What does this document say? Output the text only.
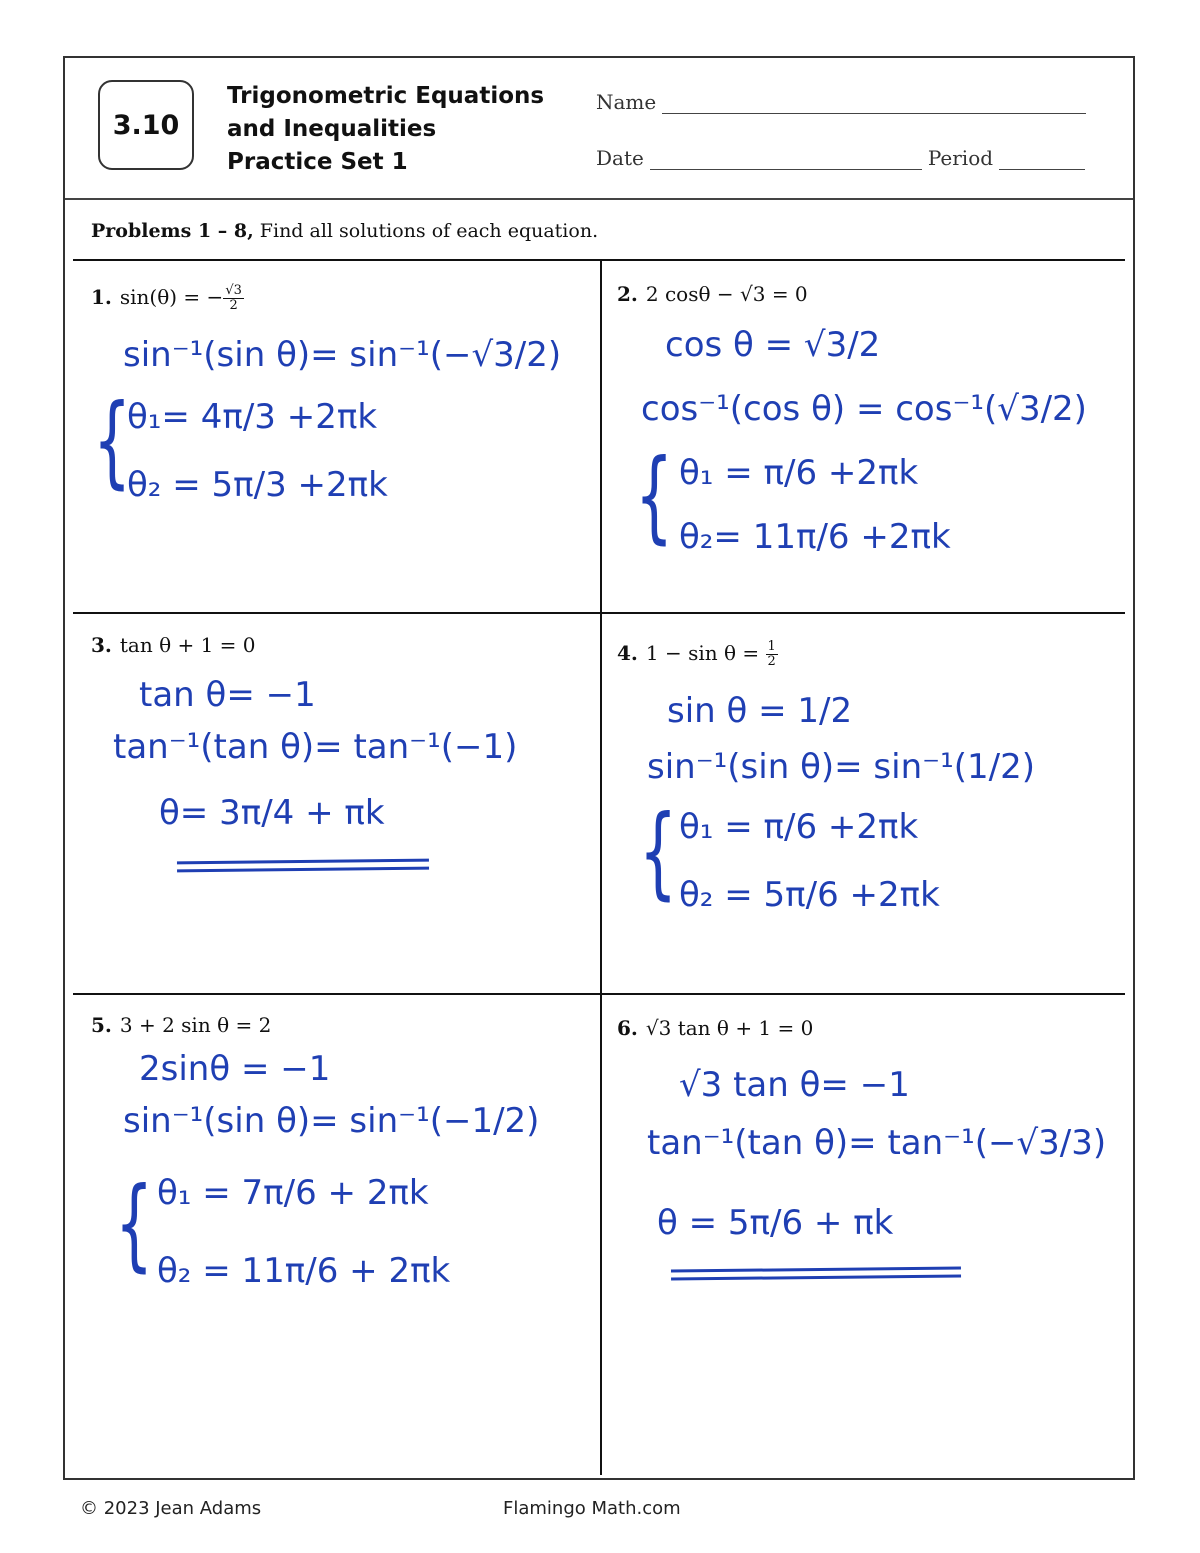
3.10
Trigonometric Equations
and Inequalities
Practice Set 1
Name
Date	Period
Problems 1 – 8, Find all solutions of each equation.
1. sin(θ) = − $\frac{√3}{2}$
sin⁻¹(sin θ)= sin⁻¹(−√3/2)
{
θ₁= 4π/3 +2πk
θ₂ = 5π/3 +2πk
2. 2 cosθ − √3 = 0
cos θ = √3/2
cos⁻¹(cos θ) = cos⁻¹(√3/2)
{ θ₁ = π/6 +2πk
θ₂= 11π/6 +2πk
3. tan θ + 1 = 0
tan θ= −1
tan⁻¹(tan θ)= tan⁻¹(−1)
θ= 3π/4 + πk
4. $1 - \sin \theta = \frac{1}{2}$
sin θ = 1/2
sin⁻¹(sin θ)= sin⁻¹(1/2)
{ θ₁ = π/6 +2πk
θ₂ = 5π/6 +2πk
5. 3 + 2 sin θ = 2
2sinθ = −1
sin⁻¹(sin θ)= sin⁻¹(−1/2)
{ θ₁ = 7π/6 + 2πk
θ₂ = 11π/6 + 2πk
6. √3 tan θ + 1 = 0
√3 tan θ= −1
tan⁻¹(tan θ)= tan⁻¹(−√3/3)
θ = 5π/6 + πk
© 2023 Jean Adams	Flamingo Math.com
